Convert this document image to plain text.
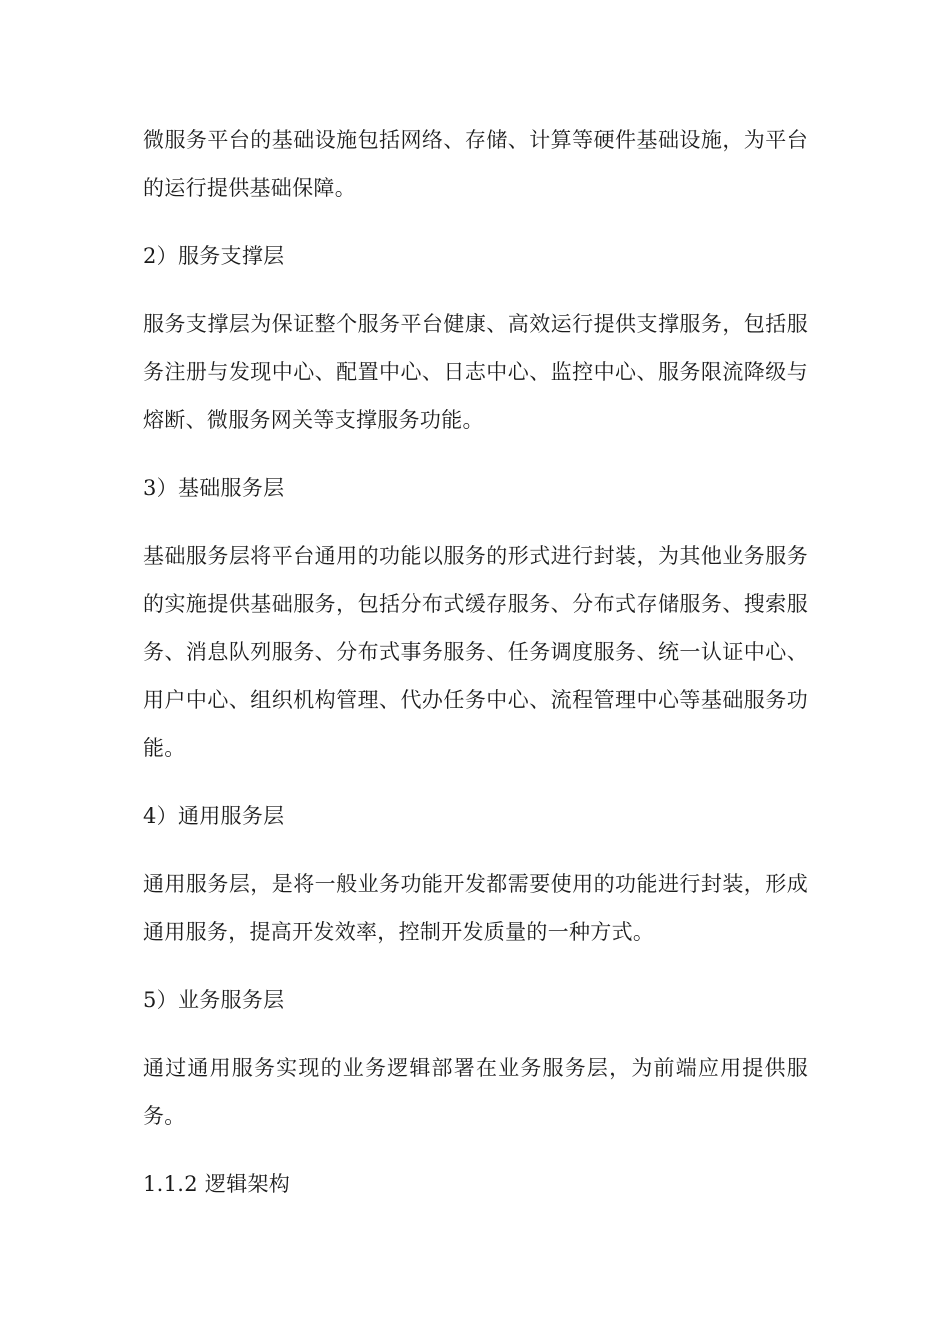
微服务平台的基础设施包括网络、存储、计算等硬件基础设施，为平台的运行提供基础保障。

2）服务支撑层

服务支撑层为保证整个服务平台健康、高效运行提供支撑服务，包括服务注册与发现中心、配置中心、日志中心、监控中心、服务限流降级与熔断、微服务网关等支撑服务功能。

3）基础服务层

基础服务层将平台通用的功能以服务的形式进行封装，为其他业务服务的实施提供基础服务，包括分布式缓存服务、分布式存储服务、搜索服务、消息队列服务、分布式事务服务、任务调度服务、统一认证中心、用户中心、组织机构管理、代办任务中心、流程管理中心等基础服务功能。

4）通用服务层

通用服务层，是将一般业务功能开发都需要使用的功能进行封装，形成通用服务，提高开发效率，控制开发质量的一种方式。

5）业务服务层

通过通用服务实现的业务逻辑部署在业务服务层，为前端应用提供服务。

1.1.2 逻辑架构
